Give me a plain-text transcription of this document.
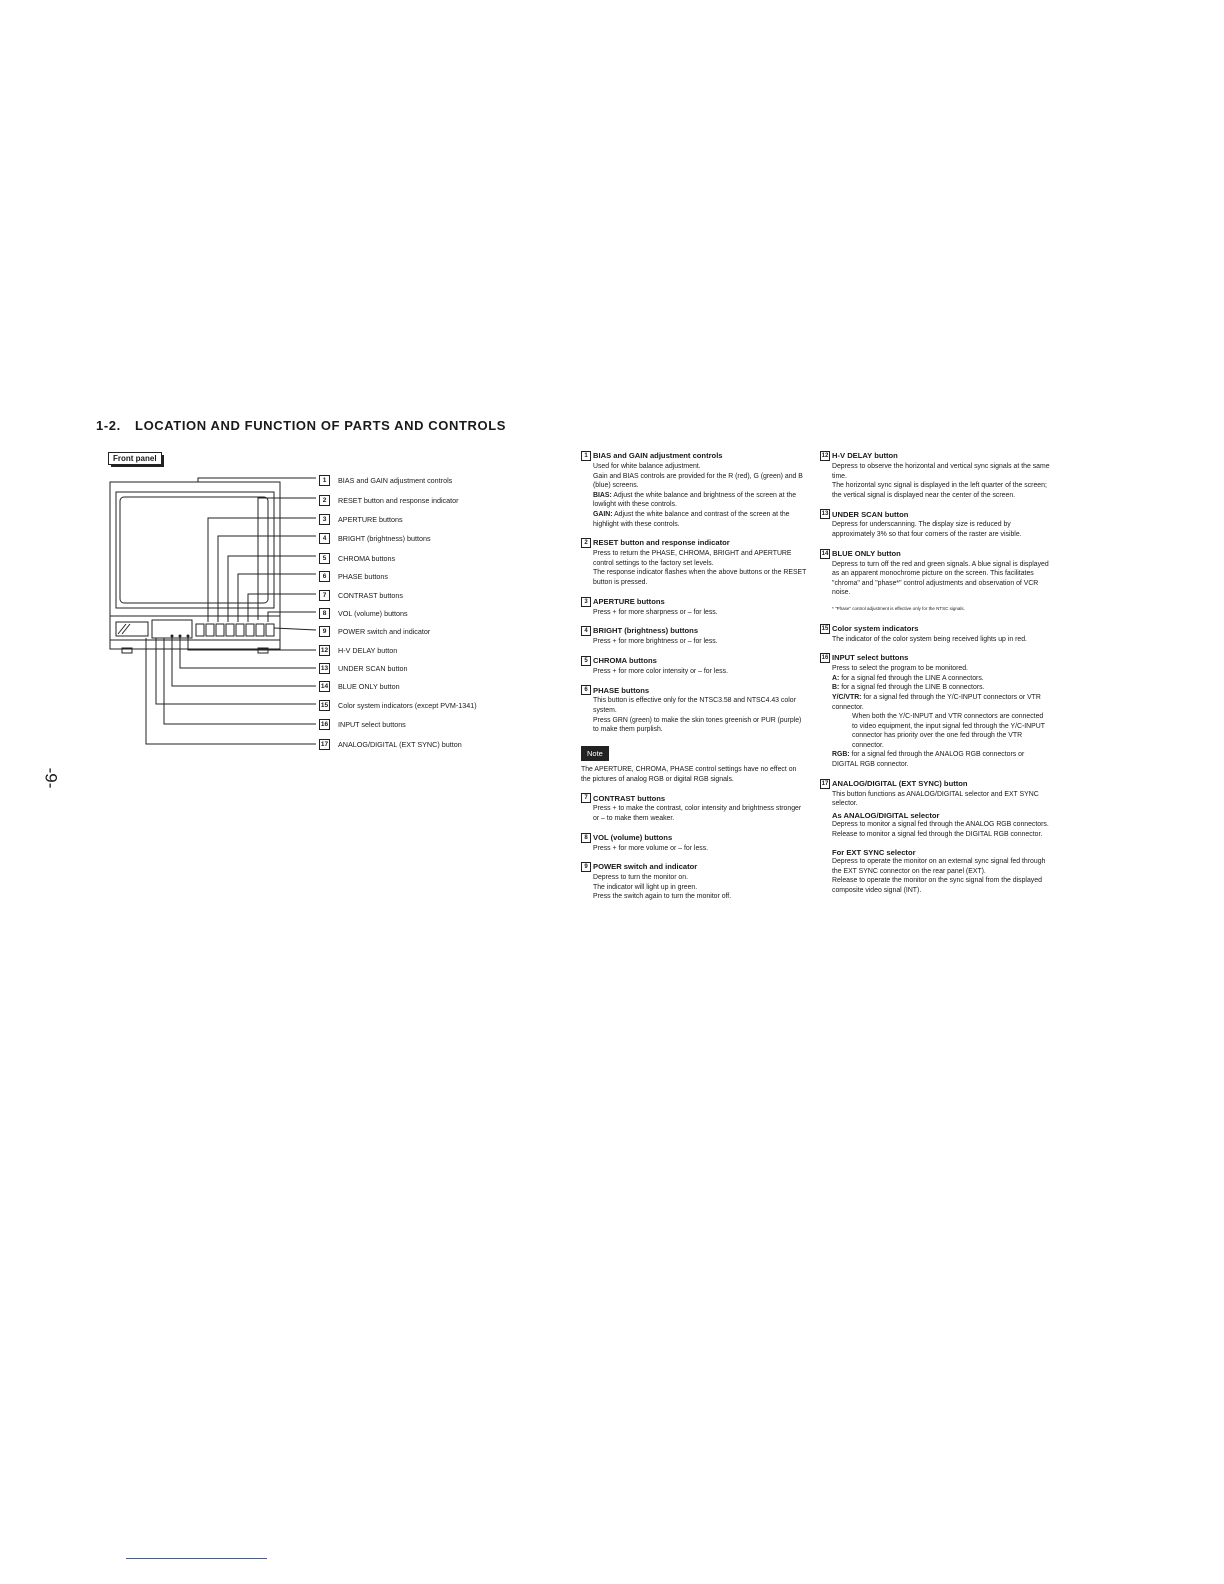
1-2. LOCATION AND FUNCTION OF PARTS AND CONTROLS
Front panel
1	BIAS and GAIN adjustment controls
2	RESET button and response indicator
3	APERTURE buttons
4	BRIGHT (brightness) buttons
5	CHROMA buttons
6	PHASE buttons
7	CONTRAST buttons
8	VOL (volume) buttons
9	POWER switch and indicator
12 H-V DELAY button
13 UNDER SCAN button
14 BLUE ONLY button
15 Color system indicators (except PVM-1341)
16 INPUT select buttons
17 ANALOG/DIGITAL (EXT SYNC) button
1 BIAS and GAIN adjustment controls

Used for white balance adjustment.

Gain and BIAS controls are provided for the R (red), G (green) and B (blue) screens.

BIAS: Adjust the white balance and brightness of the screen at the lowlight with these controls.

GAIN: Adjust the white balance and contrast of the screen at the highlight with these controls.

2 RESET button and response indicator

Press to return the PHASE, CHROMA, BRIGHT and APERTURE control settings to the factory set levels.

The response indicator flashes when the above buttons or the RESET button is pressed.

3 APERTURE buttons

Press + for more sharpness or – for less.

4 BRIGHT (brightness) buttons

Press + for more brightness or – for less.

5 CHROMA buttons

Press + for more color intensity or – for less.

6 PHASE buttons

This button is effective only for the NTSC3.58 and NTSC4.43 color system.

Press GRN (green) to make the skin tones greenish or PUR (purple) to make them purplish.

Note

The APERTURE, CHROMA, PHASE control settings have no effect on the pictures of analog RGB or digital RGB signals.

7 CONTRAST buttons

Press + to make the contrast, color intensity and brightness stronger or – to make them weaker.

8 VOL (volume) buttons

Press + for more volume or – for less.

9 POWER switch and indicator

Depress to turn the monitor on.

The indicator will light up in green.

Press the switch again to turn the monitor off.

12 H-V DELAY button

Depress to observe the horizontal and vertical sync signals at the same time.

The horizontal sync signal is displayed in the left quarter of the screen; the vertical signal is displayed near the center of the screen.

13 UNDER SCAN button

Depress for underscanning. The display size is reduced by approximately 3% so that four corners of the raster are visible.

14 BLUE ONLY button

Depress to turn off the red and green signals. A blue signal is displayed as an apparent monochrome picture on the screen. This facilitates "chroma" and "phase*" control adjustments and observation of VCR noise.

* "Phase" control adjustment is effective only for the NTSC signals.

15 Color system indicators

The indicator of the color system being received lights up in red.

16 INPUT select buttons

Press to select the program to be monitored.

A: for a signal fed through the LINE A connectors.

B: for a signal fed through the LINE B connectors.

Y/C/VTR: for a signal fed through the Y/C-INPUT connectors or VTR connector.

When both the Y/C-INPUT and VTR connectors are connected to video equipment, the input signal fed through the Y/C-INPUT connector has priority over the one fed through the VTR connector.

RGB: for a signal fed through the ANALOG RGB connectors or DIGITAL RGB connector.

17 ANALOG/DIGITAL (EXT SYNC) button

This button functions as ANALOG/DIGITAL selector and EXT SYNC selector.

As ANALOG/DIGITAL selector

Depress to monitor a signal fed through the ANALOG RGB connectors.

Release to monitor a signal fed through the DIGITAL RGB connector.

For EXT SYNC selector

Depress to operate the monitor on an external sync signal fed through the EXT SYNC connector on the rear panel (EXT).

Release to operate the monitor on the sync signal from the displayed composite video signal (INT).

-9-
